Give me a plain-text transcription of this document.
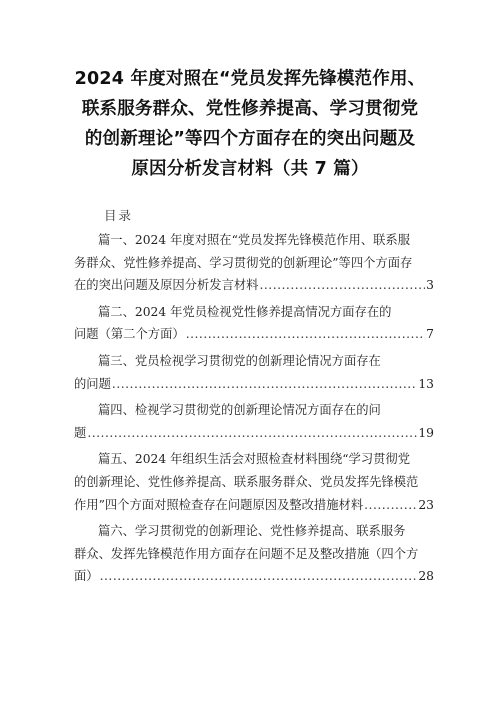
2024 年度对照在“党员发挥先锋模范作用、
联系服务群众、党性修养提高、学习贯彻党
的创新理论”等四个方面存在的突出问题及
原因分析发言材料（共 7 篇）
目录
篇一、2024 年度对照在“党员发挥先锋模范作用、联系服
务群众、党性修养提高、学习贯彻党的创新理论”等四个方面存
在的突出问题及原因分析发言材料 .....	3
篇二、2024 年党员检视党性修养提高情况方面存在的
问题（第二个方面） .....	7
篇三、党员检视学习贯彻党的创新理论情况方面存在
的问题 .....	13
篇四、检视学习贯彻党的创新理论情况方面存在的问
题 .....	19
篇五、2024 年组织生活会对照检查材料围绕“学习贯彻党
的创新理论、党性修养提高、联系服务群众、党员发挥先锋模范
作用”四个方面对照检查存在问题原因及整改措施材料 .....	23
篇六、学习贯彻党的创新理论、党性修养提高、联系服务
群众、发挥先锋模范作用方面存在问题不足及整改措施（四个方
面） .....	28
